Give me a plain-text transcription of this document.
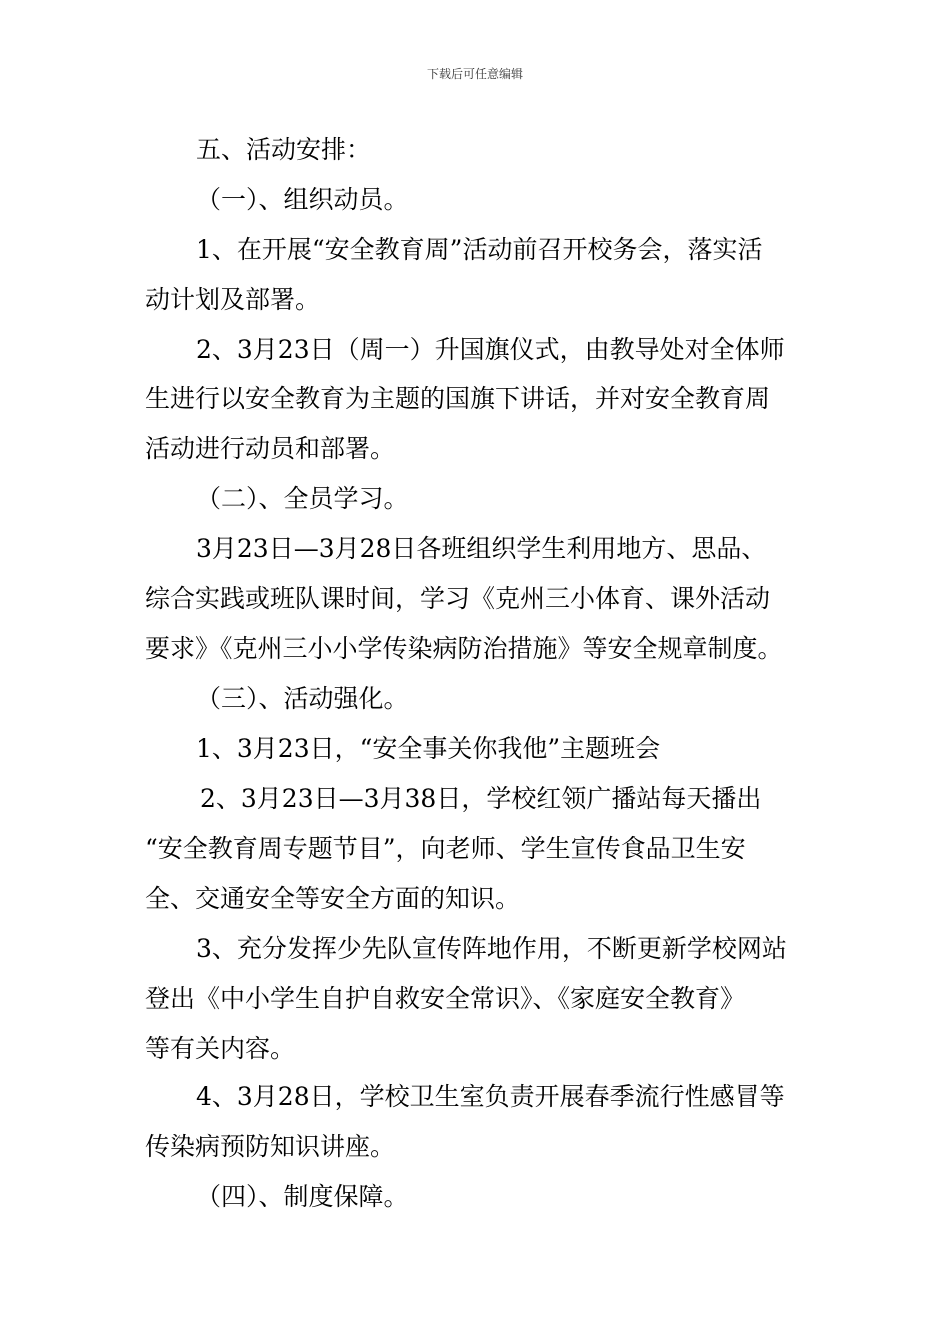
下载后可任意编辑
五、活动安排：
（一）、组织动员。
1、在开展“安全教育周”活动前召开校务会，落实活
动计划及部署。
2、3月23日（周一）升国旗仪式，由教导处对全体师
生进行以安全教育为主题的国旗下讲话，并对安全教育周
活动进行动员和部署。
（二）、全员学习。
3月23日—3月28日各班组织学生利用地方、思品、
综合实践或班队课时间，学习《克州三小体育、课外活动
要求》《克州三小小学传染病防治措施》等安全规章制度。
（三）、活动强化。
1、3月23日，“安全事关你我他”主题班会
2、3月23日—3月38日，学校红领广播站每天播出
“安全教育周专题节目”，向老师、学生宣传食品卫生安
全、交通安全等安全方面的知识。
3、充分发挥少先队宣传阵地作用，不断更新学校网站
登出《中小学生自护自救安全常识》、《家庭安全教育》
等有关内容。
4、3月28日，学校卫生室负责开展春季流行性感冒等
传染病预防知识讲座。
（四）、制度保障。
